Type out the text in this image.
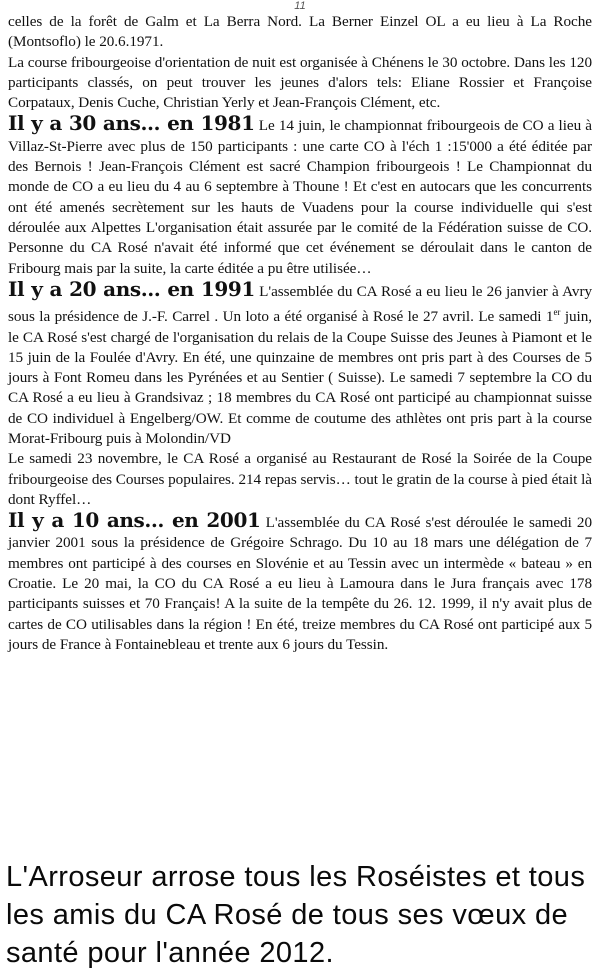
11

celles de la forêt de Galm et La Berra Nord. La Berner Einzel OL a eu lieu à La Roche (Montsoflo) le 20.6.1971.

La course fribourgeoise d'orientation de nuit est organisée à Chénens le 30 octobre. Dans les 120 participants classés, on peut trouver les jeunes d'alors tels: Eliane Rossier et Françoise Corpataux, Denis Cuche, Christian Yerly et Jean-François Clément, etc.

Il y a 30 ans… en 1981 Le 14 juin, le championnat fribourgeois de CO a lieu à Villaz-St-Pierre avec plus de 150 participants : une carte CO à l'éch 1 :15'000 a été éditée par des Bernois ! Jean-François Clément est sacré Champion fribourgeois ! Le Championnat du monde de CO a eu lieu du 4 au 6 septembre à Thoune ! Et c'est en autocars que les concurrents ont été amenés secrètement sur les hauts de Vuadens pour la course individuelle qui s'est déroulée aux Alpettes L'organisation était assurée par le comité de la Fédération suisse de CO. Personne du CA Rosé n'avait été informé que cet événement se déroulait dans le canton de Fribourg mais par la suite, la carte éditée a pu être utilisée…

Il y a 20 ans… en 1991 L'assemblée du CA Rosé a eu lieu le 26 janvier à Avry sous la présidence de J.-F. Carrel . Un loto a été organisé à Rosé le 27 avril. Le samedi 1er juin, le CA Rosé s'est chargé de l'organisation du relais de la Coupe Suisse des Jeunes à Piamont et le 15 juin de la Foulée d'Avry. En été, une quinzaine de membres ont pris part à des Courses de 5 jours à Font Romeu dans les Pyrénées et au Sentier ( Suisse). Le samedi 7 septembre la CO du CA Rosé a eu lieu à Grandsivaz ; 18 membres du CA Rosé ont participé au championnat suisse de CO individuel à Engelberg/OW. Et comme de coutume des athlètes ont pris part à la course Morat-Fribourg puis à Molondin/VD

Le samedi 23 novembre, le CA Rosé a organisé au Restaurant de Rosé la Soirée de la Coupe fribourgeoise des Courses populaires. 214 repas servis… tout le gratin de la course à pied était là dont Ryffel…

Il y a 10 ans… en 2001 L'assemblée du CA Rosé s'est déroulée le samedi 20 janvier 2001 sous la présidence de Grégoire Schrago. Du 10 au 18 mars une délégation de 7 membres ont participé à des courses en Slovénie et au Tessin avec un intermède « bateau » en Croatie. Le 20 mai, la CO du CA Rosé a eu lieu à Lamoura dans le Jura français avec 178 participants suisses et 70 Français! A la suite de la tempête du 26. 12. 1999, il n'y avait plus de cartes de CO utilisables dans la région ! En été, treize membres du CA Rosé ont participé aux 5 jours de France à Fontainebleau et trente aux 6 jours du Tessin.

L'Arroseur arrose tous les Roséistes et tous les amis du CA Rosé de tous ses vœux de santé pour l'année 2012.
